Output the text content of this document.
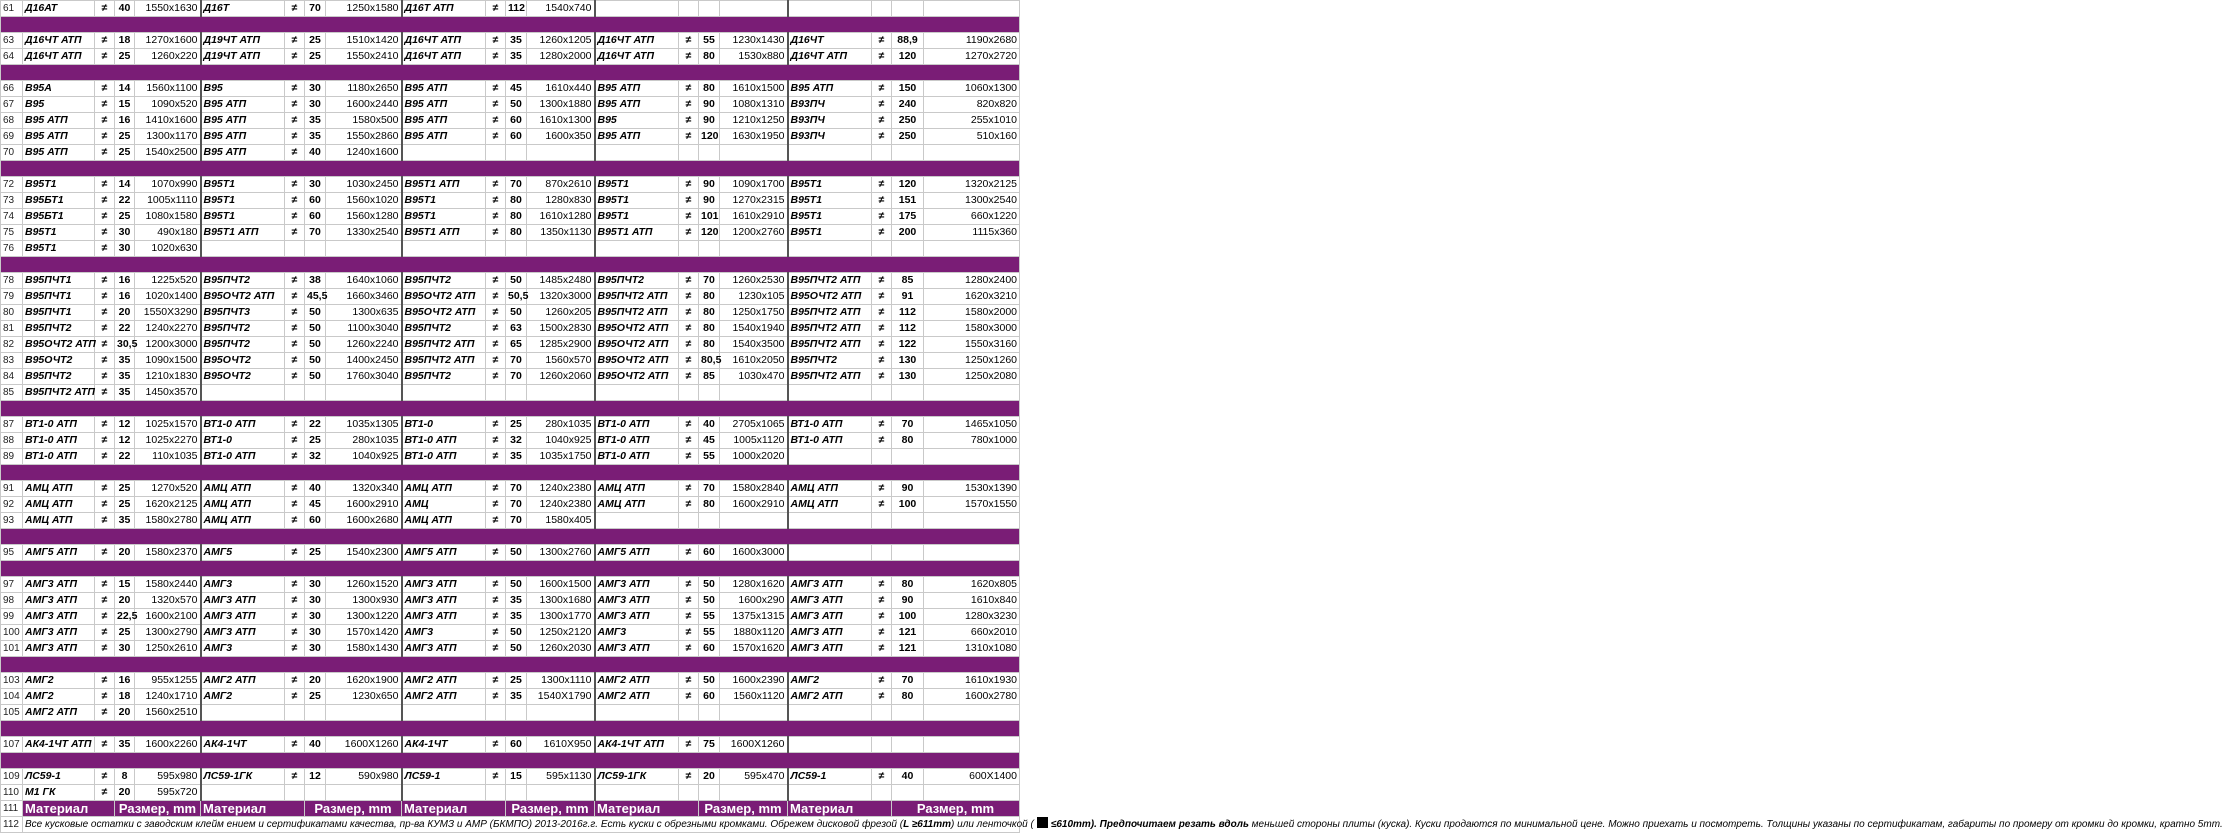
61	Д16АТ	≠	40	1550x1630	Д16Т	≠	70	1250x1580	Д16Т АТП	≠	112	1540x740								

63	Д16ЧТ АТП	≠	18	1270x1600	Д19ЧТ АТП	≠	25	1510x1420	Д16ЧТ АТП	≠	35	1260x1205	Д16ЧТ АТП	≠	55	1230x1430	Д16ЧТ	≠	88,9	1190x2680
64	Д16ЧТ АТП	≠	25	1260x220	Д19ЧТ АТП	≠	25	1550x2410	Д16ЧТ АТП	≠	35	1280x2000	Д16ЧТ АТП	≠	80	1530x880	Д16ЧТ АТП	≠	120	1270x2720

66	В95А	≠	14	1560x1100	В95	≠	30	1180x2650	В95 АТП	≠	45	1610x440	В95 АТП	≠	80	1610x1500	В95 АТП	≠	150	1060x1300
67	В95	≠	15	1090x520	В95 АТП	≠	30	1600x2440	В95 АТП	≠	50	1300x1880	В95 АТП	≠	90	1080x1310	В93ПЧ	≠	240	820x820
68	В95 АТП	≠	16	1410x1600	В95 АТП	≠	35	1580x500	В95 АТП	≠	60	1610x1300	В95	≠	90	1210x1250	В93ПЧ	≠	250	255x1010
69	В95 АТП	≠	25	1300x1170	В95 АТП	≠	35	1550x2860	В95 АТП	≠	60	1600x350	В95 АТП	≠	120	1630x1950	В93ПЧ	≠	250	510x160
70	В95 АТП	≠	25	1540x2500	В95 АТП	≠	40	1240x1600												

72	В95Т1	≠	14	1070x990	В95Т1	≠	30	1030x2450	В95Т1 АТП	≠	70	870x2610	В95Т1	≠	90	1090x1700	В95Т1	≠	120	1320x2125
73	В95БТ1	≠	22	1005x1110	В95Т1	≠	60	1560x1020	В95Т1	≠	80	1280x830	В95Т1	≠	90	1270x2315	В95Т1	≠	151	1300x2540
74	В95БТ1	≠	25	1080x1580	В95Т1	≠	60	1560x1280	В95Т1	≠	80	1610x1280	В95Т1	≠	101	1610x2910	В95Т1	≠	175	660x1220
75	В95Т1	≠	30	490x180	В95Т1 АТП	≠	70	1330x2540	В95Т1 АТП	≠	80	1350x1130	В95Т1 АТП	≠	120	1200x2760	В95Т1	≠	200	1115x360
76	В95Т1	≠	30	1020x630																

78	В95ПЧТ1	≠	16	1225x520	В95ПЧТ2	≠	38	1640x1060	В95ПЧТ2	≠	50	1485x2480	В95ПЧТ2	≠	70	1260x2530	В95ПЧТ2 АТП	≠	85	1280x2400
79	В95ПЧТ1	≠	16	1020x1400	В95ОЧТ2 АТП	≠	45,5	1660x3460	В95ОЧТ2 АТП	≠	50,5	1320x3000	В95ПЧТ2 АТП	≠	80	1230x105	В95ОЧТ2 АТП	≠	91	1620x3210
80	В95ПЧТ1	≠	20	1550X3290	В95ПЧТ3	≠	50	1300x635	В95ОЧТ2 АТП	≠	50	1260x205	В95ПЧТ2 АТП	≠	80	1250x1750	В95ПЧТ2 АТП	≠	112	1580x2000
81	В95ПЧТ2	≠	22	1240x2270	В95ПЧТ2	≠	50	1100x3040	В95ПЧТ2	≠	63	1500x2830	В95ОЧТ2 АТП	≠	80	1540x1940	В95ПЧТ2 АТП	≠	112	1580x3000
82	В95ОЧТ2 АТП	≠	30,5	1200x3000	В95ПЧТ2	≠	50	1260x2240	В95ПЧТ2 АТП	≠	65	1285x2900	В95ОЧТ2 АТП	≠	80	1540x3500	В95ПЧТ2 АТП	≠	122	1550x3160
83	В95ОЧТ2	≠	35	1090x1500	В95ОЧТ2	≠	50	1400x2450	В95ПЧТ2 АТП	≠	70	1560x570	В95ОЧТ2 АТП	≠	80,5	1610x2050	В95ПЧТ2	≠	130	1250x1260
84	В95ПЧТ2	≠	35	1210x1830	В95ОЧТ2	≠	50	1760x3040	В95ПЧТ2	≠	70	1260x2060	В95ОЧТ2 АТП	≠	85	1030x470	В95ПЧТ2 АТП	≠	130	1250x2080
85	В95ПЧТ2 АТП	≠	35	1450x3570																

87	ВТ1-0 АТП	≠	12	1025x1570	ВТ1-0 АТП	≠	22	1035x1305	ВТ1-0	≠	25	280x1035	ВТ1-0 АТП	≠	40	2705x1065	ВТ1-0 АТП	≠	70	1465x1050
88	ВТ1-0 АТП	≠	12	1025x2270	ВТ1-0	≠	25	280x1035	ВТ1-0 АТП	≠	32	1040x925	ВТ1-0 АТП	≠	45	1005x1120	ВТ1-0 АТП	≠	80	780x1000
89	ВТ1-0 АТП	≠	22	110x1035	ВТ1-0 АТП	≠	32	1040x925	ВТ1-0 АТП	≠	35	1035x1750	ВТ1-0 АТП	≠	55	1000x2020				

91	АМЦ АТП	≠	25	1270x520	АМЦ АТП	≠	40	1320x340	АМЦ АТП	≠	70	1240x2380	АМЦ АТП	≠	70	1580x2840	АМЦ АТП	≠	90	1530x1390
92	АМЦ АТП	≠	25	1620x2125	АМЦ АТП	≠	45	1600x2910	АМЦ	≠	70	1240x2380	АМЦ АТП	≠	80	1600x2910	АМЦ АТП	≠	100	1570x1550
93	АМЦ АТП	≠	35	1580x2780	АМЦ АТП	≠	60	1600x2680	АМЦ АТП	≠	70	1580x405								

95	АМГ5 АТП	≠	20	1580x2370	АМГ5	≠	25	1540x2300	АМГ5 АТП	≠	50	1300x2760	АМГ5 АТП	≠	60	1600x3000				

97	АМГ3 АТП	≠	15	1580x2440	АМГ3	≠	30	1260x1520	АМГ3 АТП	≠	50	1600x1500	АМГ3 АТП	≠	50	1280x1620	АМГ3 АТП	≠	80	1620x805
98	АМГ3 АТП	≠	20	1320x570	АМГ3 АТП	≠	30	1300x930	АМГ3 АТП	≠	35	1300x1680	АМГ3 АТП	≠	50	1600x290	АМГ3 АТП	≠	90	1610x840
99	АМГ3 АТП	≠	22,5	1600x2100	АМГ3 АТП	≠	30	1300x1220	АМГ3 АТП	≠	35	1300x1770	АМГ3 АТП	≠	55	1375x1315	АМГ3 АТП	≠	100	1280x3230
100	АМГ3 АТП	≠	25	1300x2790	АМГ3 АТП	≠	30	1570x1420	АМГ3	≠	50	1250x2120	АМГ3	≠	55	1880x1120	АМГ3 АТП	≠	121	660x2010
101	АМГ3 АТП	≠	30	1250x2610	АМГ3	≠	30	1580x1430	АМГ3 АТП	≠	50	1260x2030	АМГ3 АТП	≠	60	1570x1620	АМГ3 АТП	≠	121	1310x1080

103	АМГ2	≠	16	955x1255	АМГ2 АТП	≠	20	1620x1900	АМГ2 АТП	≠	25	1300x1110	АМГ2 АТП	≠	50	1600x2390	АМГ2	≠	70	1610x1930
104	АМГ2	≠	18	1240x1710	АМГ2	≠	25	1230x650	АМГ2 АТП	≠	35	1540X1790	АМГ2 АТП	≠	60	1560x1120	АМГ2 АТП	≠	80	1600x2780
105	АМГ2 АТП	≠	20	1560x2510																

107	АК4-1ЧТ АТП	≠	35	1600x2260	АК4-1ЧТ	≠	40	1600X1260	АК4-1ЧТ	≠	60	1610X950	АК4-1ЧТ АТП	≠	75	1600X1260				

109	ЛС59-1	≠	8	595x980	ЛС59-1ГК	≠	12	590x980	ЛС59-1	≠	15	595x1130	ЛС59-1ГК	≠	20	595x470	ЛС59-1	≠	40	600X1400
110	М1 ГК	≠	20	595x720																
111	Материал		Размер, mm		Материал		Размер, mm		Материал		Размер, mm		Материал		Размер, mm		Материал		Размер, mm	
112	Все кусковые остатки с заводским клейм ением и сертификатами качества, пр-ва КУМЗ и АМР (БКМПО) 2013-2016г.г. Есть куски с обрезными кромками. Обрежем дисковой фрезой (L ≥611mm) или ленточкой ( ≤610mm). Предпочитаем резать вдоль меньшей стороны плиты (куска). Куски продаются по минимальной цене. Можно приехать и посмотреть. Толщины указаны по сертификатам, габариты по промеру от кромки до кромки, кратно 5mm.																			
